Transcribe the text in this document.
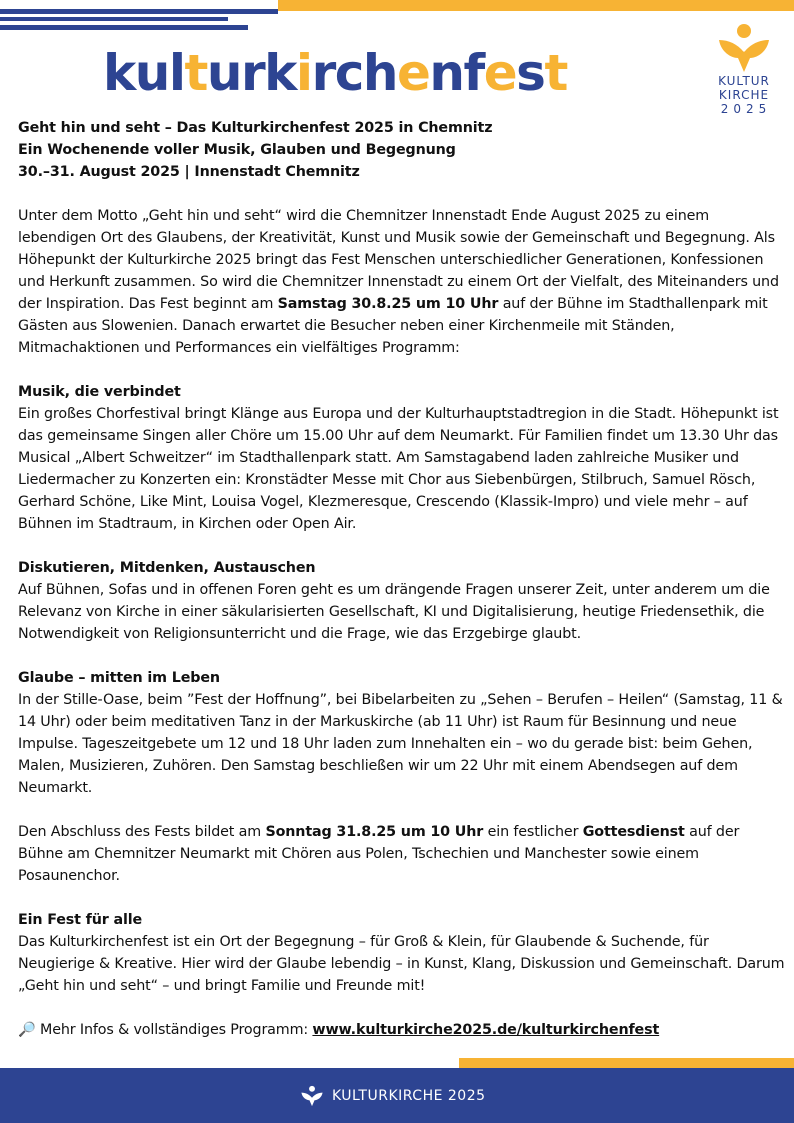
kulturkirchenfest	KULTUR
KIRCHE
2025

Geht hin und seht – Das Kulturkirchenfest 2025 in Chemnitz
Ein Wochenende voller Musik, Glauben und Begegnung
30.–31. August 2025 | Innenstadt Chemnitz

Unter dem Motto „Geht hin und seht“ wird die Chemnitzer Innenstadt Ende August 2025 zu einem lebendigen Ort des Glaubens, der Kreativität, Kunst und Musik sowie der Gemeinschaft und Begegnung. Als Höhepunkt der Kulturkirche 2025 bringt das Fest Menschen unterschiedlicher Generationen, Konfessionen und Herkunft zusammen. So wird die Chemnitzer Innenstadt zu einem Ort der Vielfalt, des Miteinanders und der Inspiration. Das Fest beginnt am Samstag 30.8.25 um 10 Uhr auf der Bühne im Stadthallenpark mit Gästen aus Slowenien. Danach erwartet die Besucher neben einer Kirchenmeile mit Ständen, Mitmachaktionen und Performances ein vielfältiges Programm:

Musik, die verbindet
Ein großes Chorfestival bringt Klänge aus Europa und der Kulturhauptstadtregion in die Stadt. Höhepunkt ist das gemeinsame Singen aller Chöre um 15.00 Uhr auf dem Neumarkt. Für Familien findet um 13.30 Uhr das Musical „Albert Schweitzer“ im Stadthallenpark statt. Am Samstagabend laden zahlreiche Musiker und Liedermacher zu Konzerten ein: Kronstädter Messe mit Chor aus Siebenbürgen, Stilbruch, Samuel Rösch, Gerhard Schöne, Like Mint, Louisa Vogel, Klezmeresque, Crescendo (Klassik-Impro) und viele mehr – auf Bühnen im Stadtraum, in Kirchen oder Open Air.

Diskutieren, Mitdenken, Austauschen
Auf Bühnen, Sofas und in offenen Foren geht es um drängende Fragen unserer Zeit, unter anderem um die Relevanz von Kirche in einer säkularisierten Gesellschaft, KI und Digitalisierung, heutige Friedensethik, die Notwendigkeit von Religionsunterricht und die Frage, wie das Erzgebirge glaubt.

Glaube – mitten im Leben
In der Stille-Oase, beim ”Fest der Hoffnung”, bei Bibelarbeiten zu „Sehen – Berufen – Heilen“ (Samstag, 11 & 14 Uhr) oder beim meditativen Tanz in der Markuskirche (ab 11 Uhr) ist Raum für Besinnung und neue Impulse. Tageszeitgebete um 12 und 18 Uhr laden zum Innehalten ein – wo du gerade bist: beim Gehen, Malen, Musizieren, Zuhören. Den Samstag beschließen wir um 22 Uhr mit einem Abendsegen auf dem Neumarkt.

Den Abschluss des Fests bildet am Sonntag 31.8.25 um 10 Uhr ein festlicher Gottesdienst auf der Bühne am Chemnitzer Neumarkt mit Chören aus Polen, Tschechien und Manchester sowie einem Posaunenchor.

Ein Fest für alle
Das Kulturkirchenfest ist ein Ort der Begegnung – für Groß & Klein, für Glaubende & Suchende, für Neugierige & Kreative. Hier wird der Glaube lebendig – in Kunst, Klang, Diskussion und Gemeinschaft. Darum „Geht hin und seht“ – und bringt Familie und Freunde mit!

🔎 Mehr Infos & vollständiges Programm: www.kulturkirche2025.de/kulturkirchenfest

KULTURKIRCHE 2025
